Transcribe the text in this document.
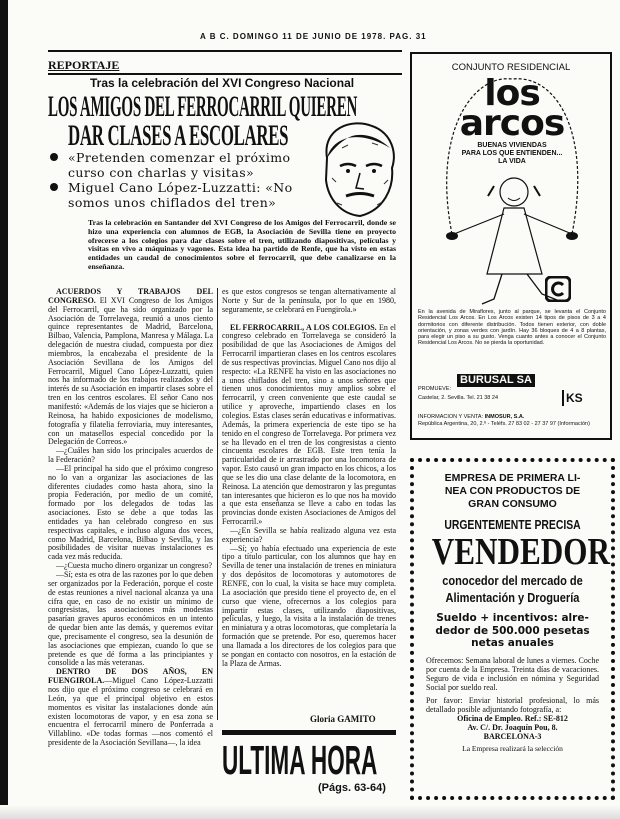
A B C. DOMINGO 11 DE JUNIO DE 1978. PAG. 31
REPORTAJE
Tras la celebración del XVI Congreso Nacional
LOS AMIGOS DEL FERROCARRIL QUIEREN
DAR CLASES A ESCOLARES
«Pretenden comenzar el próximo curso con charlas y visitas»
Miguel Cano López-Luzzatti: «No somos unos chiflados del tren»
Tras la celebración en Santander del XVI Congreso de los Amigos del Ferrocarril, donde se hizo una experiencia con alumnos de EGB, la Asociación de Sevilla tiene en proyecto ofrecerse a los colegios para dar clases sobre el tren, utilizando diapositivas, películas y visitas en vivo a máquinas y vagones. Esta idea ha partido de Renfe, que ha visto en estas entidades un caudal de conocimientos sobre el ferrocarril, que debe canalizarse en la enseñanza.

ACUERDOS Y TRABAJOS DEL CONGRESO. El XVI Congreso de los Amigos del Ferrocarril, que ha sido organizado por la Asociación de Torrelavega, reunió a unos ciento quince representantes de Madrid, Barcelona, Bilbao, Valencia, Pamplona, Manresa y Málaga. La delegación de nuestra ciudad, compuesta por diez miembros, la encabezaba el presidente de la Asociación Sevillana de los Amigos del Ferrocarril, Miguel Cano López-Luzzatti, quien nos ha informado de los trabajos realizados y del interés de su Asociación en impartir clases sobre el tren en los centros escolares. El señor Cano nos manifestó: «Además de los viajes que se hicieron a Reinosa, ha habido exposiciones de modelismo, fotografía y filatelia ferroviaria, muy interesantes, con un matasellos especial concedido por la Delegación de Correos.»

—¿Cuáles han sido los principales acuerdos de la Federación?

—El principal ha sido que el próximo congreso no lo van a organizar las asociaciones de las diferentes ciudades como hasta ahora, sino la propia Federación, por medio de un comité, formado por los delegados de todas las asociaciones. Esto se debe a que todas las entidades ya han celebrado congreso en sus respectivas capitales, e incluso alguna dos veces, como Madrid, Barcelona, Bilbao y Sevilla, y las posibilidades de visitar nuevas instalaciones es cada vez más reducida.

—¿Cuesta mucho dinero organizar un congreso?

—Sí; esta es otra de las razones por lo que deben ser organizados por la Federación, porque el coste de estas reuniones a nivel nacional alcanza ya una cifra que, en caso de no existir un mínimo de congresistas, las asociaciones más modestas pasarían graves apuros económicos en un intento de quedar bien ante las demás, y queremos evitar que, precisamente el congreso, sea la desunión de las asociaciones que empiezan, cuando lo que se pretende es que dé forma a las principiantes y consolide a las más veteranas.

DENTRO DE DOS AÑOS, EN FUENGIROLA.—Miguel Cano López-Luzzatti nos dijo que el próximo congreso se celebrará en León, ya que el principal objetivo en estos momentos es visitar las instalaciones donde aún existen locomotoras de vapor, y en esa zona se encuentra el ferrocarril minero de Ponferrada a Villablino. «De todas formas —nos comentó el presidente de la Asociación Sevillana—, la idea

es que estos congresos se tengan alternativamente al Norte y Sur de la península, por lo que en 1980, seguramente, se celebrará en Fuengirola.»

EL FERROCARRIL, A LOS COLEGIOS. En el congreso celebrado en Torrelavega se consideró la posibilidad de que las Asociaciones de Amigos del Ferrocarril impartieran clases en los centros escolares de sus respectivas provincias. Miguel Cano nos dijo al respecto: «La RENFE ha visto en las asociaciones no a unos chiflados del tren, sino a unos señores que tienen unos conocimientos muy amplios sobre el ferrocarril, y creen conveniente que este caudal se utilice y aproveche, impartiendo clases en los colegios. Estas clases serán educativas e informativas. Además, la primera experiencia de este tipo se ha tenido en el congreso de Torrelavega. Por primera vez se ha llevado en el tren de los congresistas a ciento cincuenta escolares de EGB. Este tren tenía la particularidad de ir arrastrado por una locomotora de vapor. Esto causó un gran impacto en los chicos, a los que se les dio una clase delante de la locomotora, en Reinosa. La atención que demostraron y las preguntas tan interesantes que hicieron es lo que nos ha movido a que esta enseñanza se lleve a cabo en todas las provincias donde existen Asociaciones de Amigos del Ferrocarril.»

—¿En Sevilla se había realizado alguna vez esta experiencia?

—Sí; yo había efectuado una experiencia de este tipo a título particular, con los alumnos que hay en Sevilla de tener una instalación de trenes en miniatura y dos depósitos de locomotoras y automotores de RENFE, con lo cual, la visita se hace muy completa. La asociación que presido tiene el proyecto de, en el curso que viene, ofrecernos a los colegios para impartir estas clases, utilizando diapositivas, películas, y luego, la visita a la instalación de trenes en miniatura y a otras locomotoras, que completaría la formación que se pretende. Por eso, queremos hacer una llamada a los directores de los colegios para que se pongan en contacto con nosotros, en la estación de la Plaza de Armas.

Gloria GAMITO
ULTIMA HORA
(Págs. 63-64)
CONJUNTO RESIDENCIAL
los
arcos
BUENAS VIVIENDAS
PARA LOS QUE ENTIENDEN...
LA VIDA
En la avenida de Miraflores, junto al parque, se levanta el Conjunto Residencial Los Arcos. En Los Arcos existen 14 tipos de pisos de 3 a 4 dormitorios con diferente distribución. Todos tienen exterior, con doble orientación, y zonas verdes con jardín. Hay 36 bloques de 4 a 8 plantas, para elegir un piso a su gusto. Venga cuanto antes a conocer el Conjunto Residencial Los Arcos. No se pierda la oportunidad.
PROMUEVE:
BURUSAL SA
Castelar, 2. Sevilla. Tel. 21 38 24	KS
INFORMACION Y VENTA: INMOSUR, S.A.
República Argentina, 20, 2.º - Teléfs. 27 83 02 - 27 37 97 (Información)
EMPRESA DE PRIMERA LI-
NEA CON PRODUCTOS DE
GRAN CONSUMO
URGENTEMENTE PRECISA
VENDEDOR
conocedor del mercado de
Alimentación y Droguería
Sueldo + incentivos: alre-
dedor de 500.000 pesetas
netas anuales
Ofrecemos: Semana laboral de lunes a viernes. Coche por cuenta de la Empresa. Treinta días de vacaciones. Seguro de vida e inclusión en nómina y Seguridad Social por sueldo real.
Por favor: Enviar historial profesional, lo más detallado posible adjuntando fotografía, a:
Oficina de Empleo. Ref.: SE-812
Av. C/. Dr. Joaquín Pou, 8.
BARCELONA-3
La Empresa realizará la selección
